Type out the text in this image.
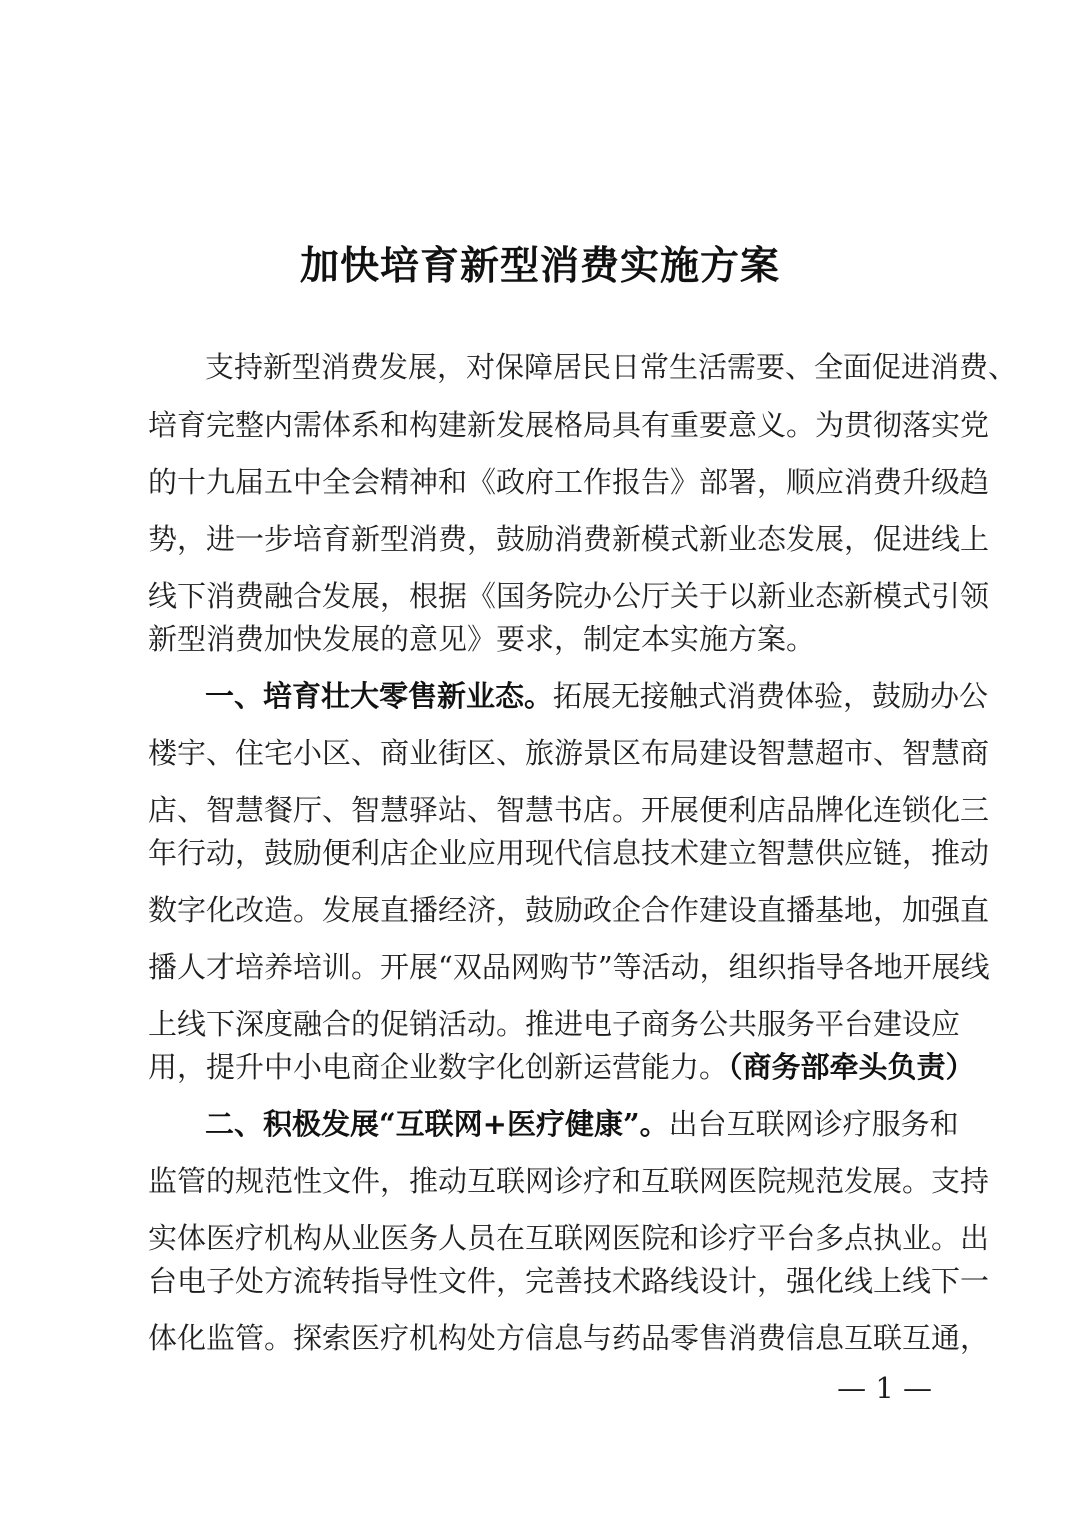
加快培育新型消费实施方案
支持新型消费发展，对保障居民日常生活需要、全面促进消费、
培育完整内需体系和构建新发展格局具有重要意义。为贯彻落实党
的十九届五中全会精神和《政府工作报告》部署，顺应消费升级趋
势，进一步培育新型消费，鼓励消费新模式新业态发展，促进线上
线下消费融合发展，根据《国务院办公厅关于以新业态新模式引领
新型消费加快发展的意见》要求，制定本实施方案。
一、培育壮大零售新业态。拓展无接触式消费体验，鼓励办公
楼宇、住宅小区、商业街区、旅游景区布局建设智慧超市、智慧商
店、智慧餐厅、智慧驿站、智慧书店。开展便利店品牌化连锁化三
年行动，鼓励便利店企业应用现代信息技术建立智慧供应链，推动
数字化改造。发展直播经济，鼓励政企合作建设直播基地，加强直
播人才培养培训。开展“双品网购节”等活动，组织指导各地开展线
上线下深度融合的促销活动。推进电子商务公共服务平台建设应
用，提升中小电商企业数字化创新运营能力。（商务部牵头负责）
二、积极发展“互联网+医疗健康”。出台互联网诊疗服务和
监管的规范性文件，推动互联网诊疗和互联网医院规范发展。支持
实体医疗机构从业医务人员在互联网医院和诊疗平台多点执业。出
台电子处方流转指导性文件，完善技术路线设计，强化线上线下一
体化监管。探索医疗机构处方信息与药品零售消费信息互联互通，
— 1 —
